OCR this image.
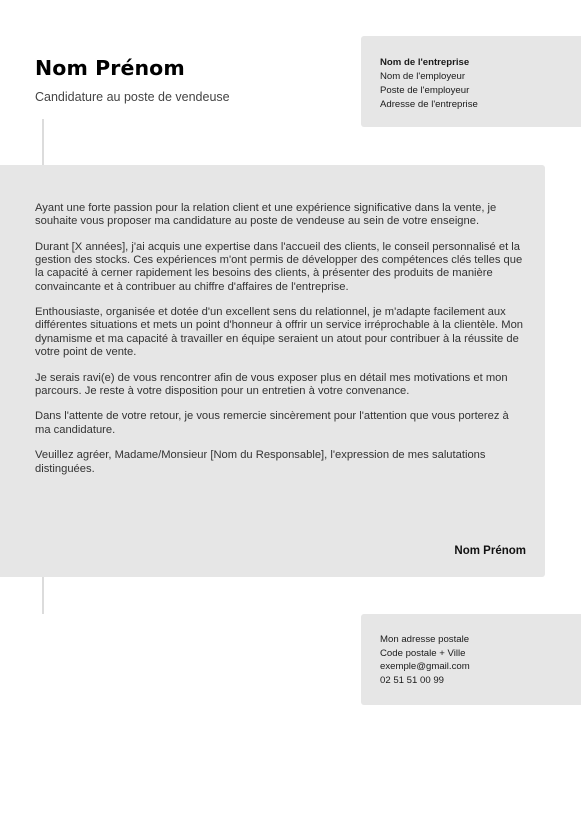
Nom Prénom
Candidature au poste de vendeuse
Nom de l'entreprise
Nom de l'employeur
Poste de l'employeur
Adresse de l'entreprise

Ayant une forte passion pour la relation client et une expérience significative dans la vente, je souhaite vous proposer ma candidature au poste de vendeuse au sein de votre enseigne.

Durant [X années], j'ai acquis une expertise dans l'accueil des clients, le conseil personnalisé et la gestion des stocks. Ces expériences m'ont permis de développer des compétences clés telles que la capacité à cerner rapidement les besoins des clients, à présenter des produits de manière convaincante et à contribuer au chiffre d'affaires de l'entreprise.

Enthousiaste, organisée et dotée d'un excellent sens du relationnel, je m'adapte facilement aux différentes situations et mets un point d'honneur à offrir un service irréprochable à la clientèle. Mon dynamisme et ma capacité à travailler en équipe seraient un atout pour contribuer à la réussite de votre point de vente.

Je serais ravi(e) de vous rencontrer afin de vous exposer plus en détail mes motivations et mon parcours. Je reste à votre disposition pour un entretien à votre convenance.

Dans l'attente de votre retour, je vous remercie sincèrement pour l'attention que vous porterez à ma candidature.

Veuillez agréer, Madame/Monsieur [Nom du Responsable], l'expression de mes salutations distinguées.

Nom Prénom
Mon adresse postale
Code postale + Ville
exemple@gmail.com
02 51 51 00 99
